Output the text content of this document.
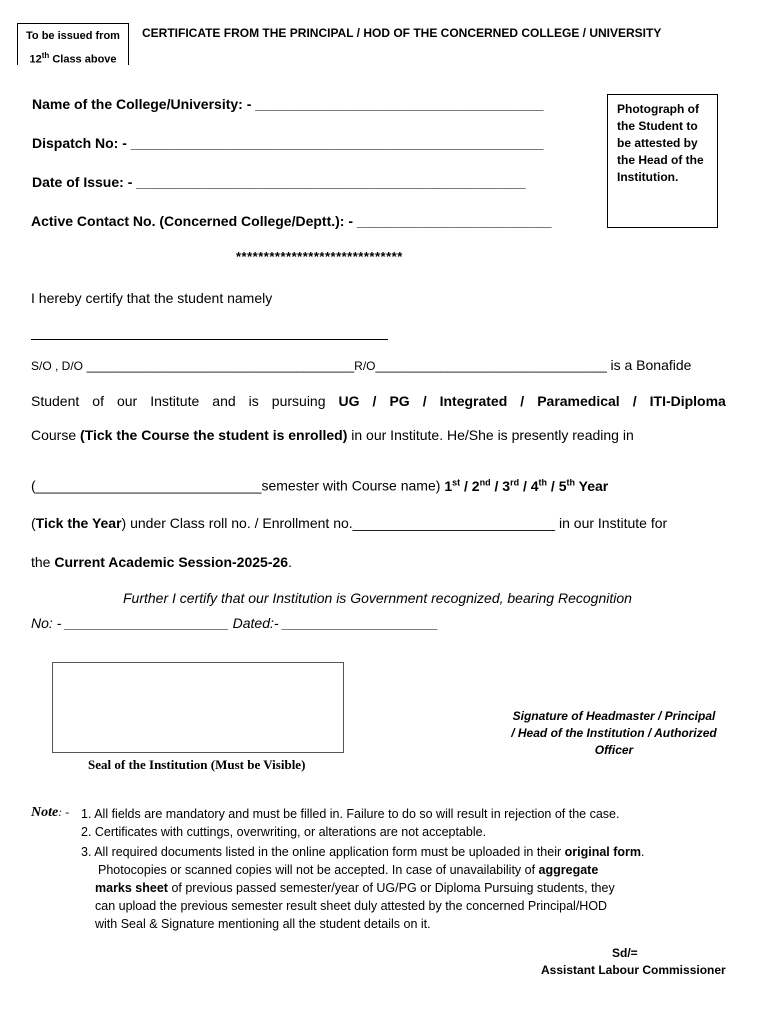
To be issued from
12th Class above
CERTIFICATE FROM THE PRINCIPAL / HOD OF THE CONCERNED COLLEGE / UNIVERSITY
Name of the College/University: - _____________________________________
Dispatch No: - _____________________________________________________
Date of Issue: - __________________________________________________
Active Contact No. (Concerned College/Deptt.): - _________________________
Photograph of the Student to be attested by the Head of the Institution.
******************************
I hereby certify that the student namely
S/O , D/O _____________________________________R/O________________________________ is a Bonafide
Student of our Institute and is pursuing UG / PG / Integrated / Paramedical / ITI-Diploma
Course (Tick the Course the student is enrolled) in our Institute. He/She is presently reading in
(_____________________________semester with Course name) 1st / 2nd / 3rd / 4th / 5th Year
(Tick the Year) under Class roll no. / Enrollment no.__________________________ in our Institute for
the Current Academic Session-2025-26.
Further I certify that our Institution is Government recognized, bearing Recognition
No: - _____________________ Dated:- ____________________
Seal of the Institution (Must be Visible)
Signature of Headmaster / Principal / Head of the Institution / Authorized Officer
Note: - 1. All fields are mandatory and must be filled in. Failure to do so will result in rejection of the case.
2. Certificates with cuttings, overwriting, or alterations are not acceptable.
3. All required documents listed in the online application form must be uploaded in their original form.
Photocopies or scanned copies will not be accepted. In case of unavailability of aggregate
marks sheet of previous passed semester/year of UG/PG or Diploma Pursuing students, they
can upload the previous semester result sheet duly attested by the concerned Principal/HOD
with Seal & Signature mentioning all the student details on it.
Sd/=
Assistant Labour Commissioner
